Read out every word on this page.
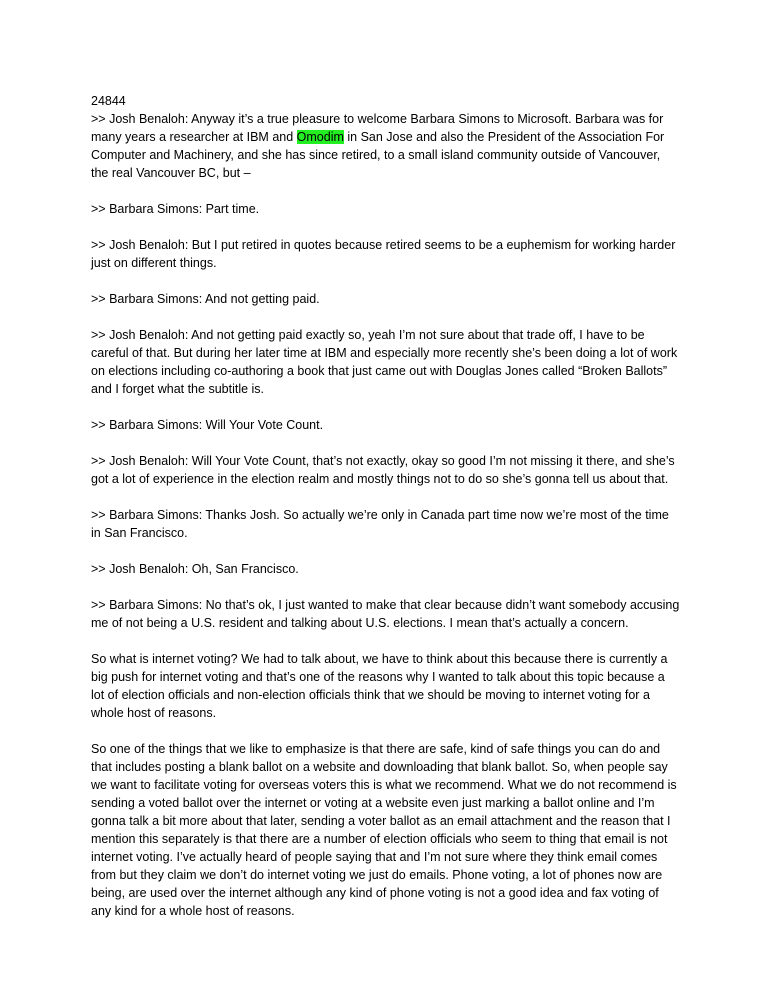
24844

>> Josh Benaloh: Anyway it’s a true pleasure to welcome Barbara Simons to Microsoft. Barbara was for many years a researcher at IBM and Omodim in San Jose and also the President of the Association For Computer and Machinery, and she has since retired, to a small island community outside of Vancouver, the real Vancouver BC, but –

>> Barbara Simons: Part time.

>> Josh Benaloh: But I put retired in quotes because retired seems to be a euphemism for working harder just on different things.

>> Barbara Simons: And not getting paid.

>> Josh Benaloh: And not getting paid exactly so, yeah I’m not sure about that trade off, I have to be careful of that. But during her later time at IBM and especially more recently she’s been doing a lot of work on elections including co-authoring a book that just came out with Douglas Jones called “Broken Ballots” and I forget what the subtitle is.

>> Barbara Simons: Will Your Vote Count.

>> Josh Benaloh: Will Your Vote Count, that’s not exactly, okay so good I’m not missing it there, and she’s got a lot of experience in the election realm and mostly things not to do so she’s gonna tell us about that.

>> Barbara Simons: Thanks Josh. So actually we’re only in Canada part time now we’re most of the time in San Francisco.

>> Josh Benaloh: Oh, San Francisco.

>> Barbara Simons: No that’s ok, I just wanted to make that clear because didn’t want somebody accusing me of not being a U.S. resident and talking about U.S. elections. I mean that’s actually a concern.

So what is internet voting? We had to talk about, we have to think about this because there is currently a big push for internet voting and that’s one of the reasons why I wanted to talk about this topic because a lot of election officials and non-election officials think that we should be moving to internet voting for a whole host of reasons.

So one of the things that we like to emphasize is that there are safe, kind of safe things you can do and that includes posting a blank ballot on a website and downloading that blank ballot. So, when people say we want to facilitate voting for overseas voters this is what we recommend. What we do not recommend is sending a voted ballot over the internet or voting at a website even just marking a ballot online and I’m gonna talk a bit more about that later, sending a voter ballot as an email attachment and the reason that I mention this separately is that there are a number of election officials who seem to thing that email is not internet voting. I’ve actually heard of people saying that and I’m not sure where they think email comes from but they claim we don’t do internet voting we just do emails. Phone voting, a lot of phones now are being, are used over the internet although any kind of phone voting is not a good idea and fax voting of any kind for a whole host of reasons.
